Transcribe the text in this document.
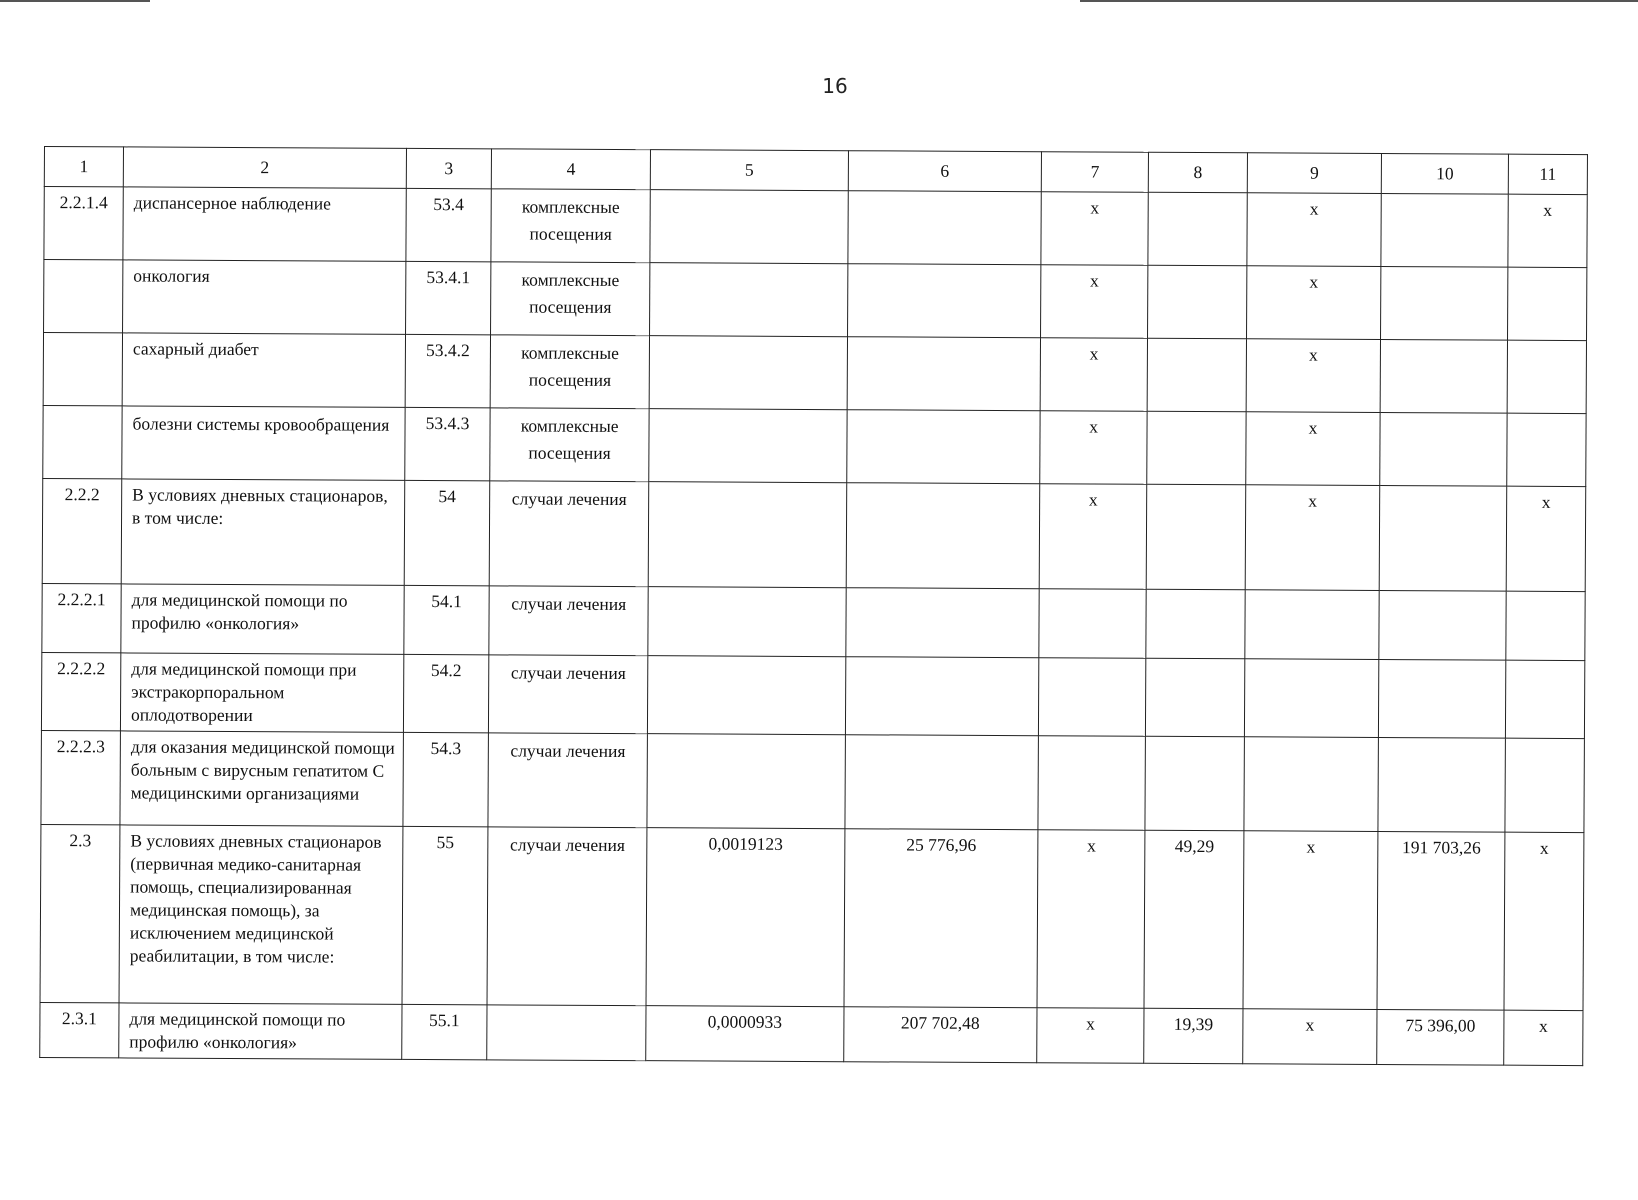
16
1	2	3	4	5	6	7	8	9	10	11
2.2.1.4	диспансерное наблюдение	53.4	комплексные посещения			x		x		x
	онкология	53.4.1	комплексные посещения			x		x		
	сахарный диабет	53.4.2	комплексные посещения			x		x		
	болезни системы кровообращения	53.4.3	комплексные посещения			x		x		
2.2.2	В условиях дневных стационаров, в том числе:	54	случаи лечения			x		x		x
2.2.2.1	для медицинской помощи по профилю «онкология»	54.1	случаи лечения							
2.2.2.2	для медицинской помощи при экстракорпоральном оплодотворении	54.2	случаи лечения							
2.2.2.3	для оказания медицинской помощи больным с вирусным гепатитом С медицинскими организациями	54.3	случаи лечения							
2.3	В условиях дневных стационаров (первичная медико-санитарная помощь, специализированная медицинская помощь), за исключением медицинской реабилитации, в том числе:	55	случаи лечения	0,0019123	25 776,96	x	49,29	x	191 703,26	x
2.3.1	для медицинской помощи по профилю «онкология»	55.1		0,0000933	207 702,48	x	19,39	x	75 396,00	x
